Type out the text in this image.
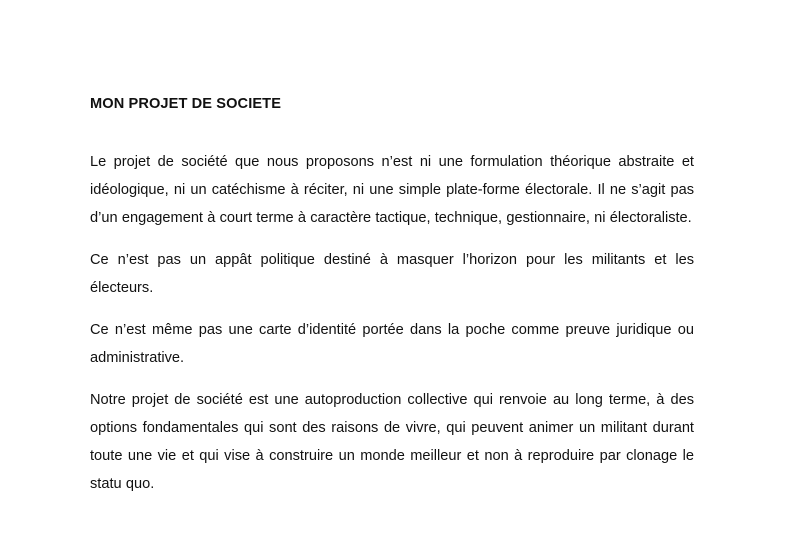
MON PROJET DE SOCIETE

Le projet de société que nous proposons n’est ni une formulation théorique abstraite et idéologique, ni un catéchisme à réciter, ni une simple plate-forme électorale. Il ne s’agit pas d’un engagement à court terme à caractère tactique, technique, gestionnaire, ni électoraliste.

Ce n’est pas un appât politique destiné à masquer l’horizon pour les militants et les électeurs.

Ce n’est même pas une carte d’identité portée dans la poche comme preuve juridique ou administrative.

Notre projet de société est une autoproduction collective qui renvoie au long terme, à des options fondamentales qui sont des raisons de vivre, qui peuvent animer un militant durant toute une vie et qui vise à construire un monde meilleur et non à reproduire par clonage le statu quo.
